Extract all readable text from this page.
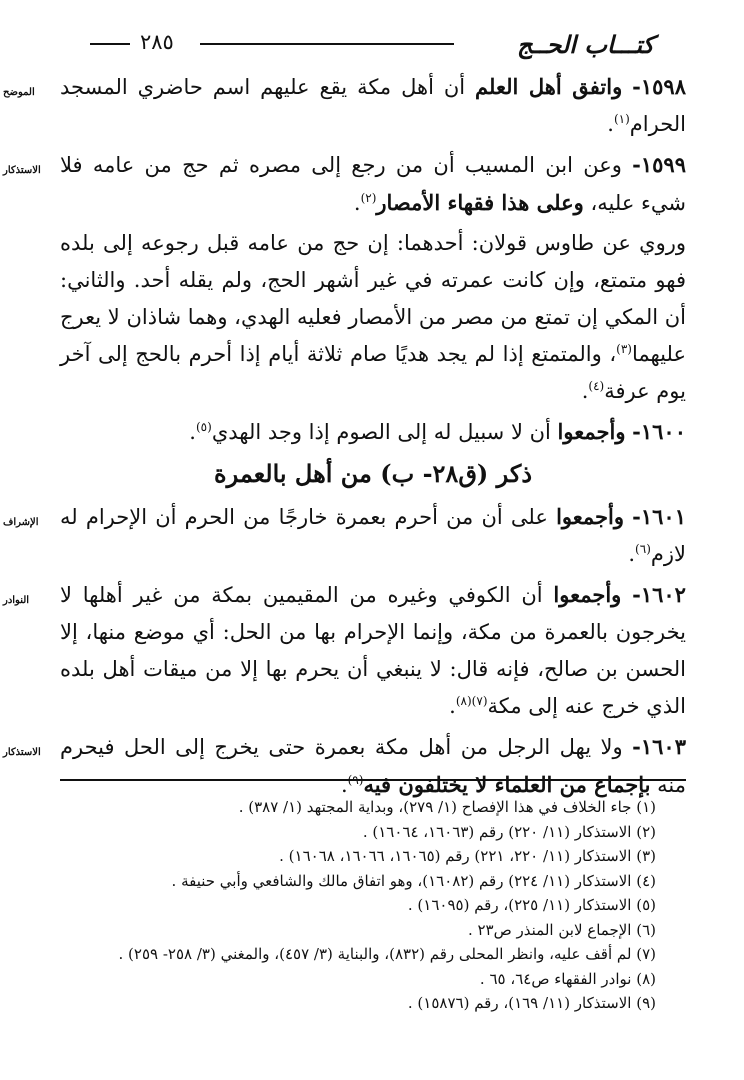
كتـــاب الحــج
٢٨٥

الموضح	١٥٩٨- واتفق أهل العلم أن أهل مكة يقع عليهم اسم حاضري المسجد الحرام$^{(١)}$.

الاستذكار	١٥٩٩- وعن ابن المسيب أن من رجع إلى مصره ثم حج من عامه فلا شيء عليه، وعلى هذا فقهاء الأمصار$^{(٢)}$.

وروي عن طاوس قولان: أحدهما: إن حج من عامه قبل رجوعه إلى بلده فهو متمتع، وإن كانت عمرته في غير أشهر الحج، ولم يقله أحد. والثاني: أن المكي إن تمتع من مصر من الأمصار فعليه الهدي، وهما شاذان لا يعرج عليهما$^{(٣)}$، والمتمتع إذا لم يجد هديًا صام ثلاثة أيام إذا أحرم بالحج إلى آخر يوم عرفة$^{(٤)}$.

١٦٠٠- وأجمعوا أن لا سبيل له إلى الصوم إذا وجد الهدي$^{(٥)}$.

ذكر (ق٢٨- ب) من أهل بالعمرة

الإشراف	١٦٠١- وأجمعوا على أن من أحرم بعمرة خارجًا من الحرم أن الإحرام له لازم$^{(٦)}$.

النوادر	١٦٠٢- وأجمعوا أن الكوفي وغيره من المقيمين بمكة من غير أهلها لا يخرجون بالعمرة من مكة، وإنما الإحرام بها من الحل: أي موضع منها، إلا الحسن بن صالح، فإنه قال: لا ينبغي أن يحرم بها إلا من ميقات أهل بلده الذي خرج عنه إلى مكة$^{(٧)(٨)}$.

الاستذكار	١٦٠٣- ولا يهل الرجل من أهل مكة بعمرة حتى يخرج إلى الحل فيحرم منه بإجماع من العلماء لا يختلفون فيه$^{(٩)}$.

(١) جاء الخلاف في هذا الإفصاح (١/ ٢٧٩)، وبداية المجتهد (١/ ٣٨٧) .
(٢) الاستذكار (١١/ ٢٢٠) رقم (١٦٠٦٣، ١٦٠٦٤) .
(٣) الاستذكار (١١/ ٢٢٠، ٢٢١) رقم (١٦٠٦٥، ١٦٠٦٦، ١٦٠٦٨) .
(٤) الاستذكار (١١/ ٢٢٤) رقم (١٦٠٨٢)، وهو اتفاق مالك والشافعي وأبي حنيفة .
(٥) الاستذكار (١١/ ٢٢٥)، رقم (١٦٠٩٥) .
(٦) الإجماع لابن المنذر ص٢٣ .
(٧) لم أقف عليه، وانظر المحلى رقم (٨٣٢)، والبناية (٣/ ٤٥٧)، والمغني (٣/ ٢٥٨- ٢٥٩) .
(٨) نوادر الفقهاء ص٦٤، ٦٥ .
(٩) الاستذكار (١١/ ١٦٩)، رقم (١٥٨٧٦) .
